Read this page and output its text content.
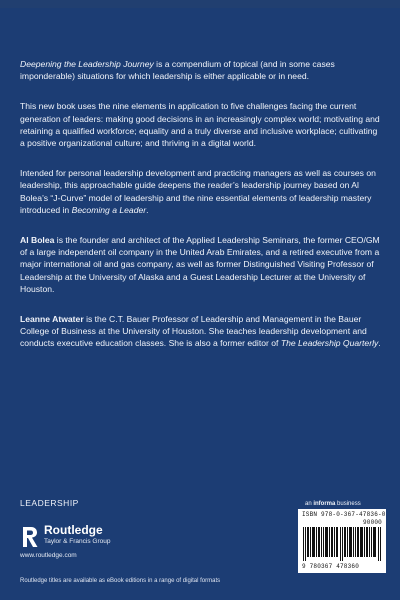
Deepening the Leadership Journey is a compendium of topical (and in some cases imponderable) situations for which leadership is either applicable or in need.

This new book uses the nine elements in application to five challenges facing the current generation of leaders: making good decisions in an increasingly complex world; motivating and retaining a qualified workforce; equality and a truly diverse and inclusive workplace; cultivating a positive organizational culture; and thriving in a digital world.

Intended for personal leadership development and practicing managers as well as courses on leadership, this approachable guide deepens the reader’s leadership journey based on Al Bolea’s “J-Curve” model of leadership and the nine essential elements of leadership mastery introduced in Becoming a Leader.

Al Bolea is the founder and architect of the Applied Leadership Seminars, the former CEO/GM of a large independent oil company in the United Arab Emirates, and a retired executive from a major international oil and gas company, as well as former Distinguished Visiting Professor of Leadership at the University of Alaska and a Guest Leadership Lecturer at the University of Houston.

Leanne Atwater is the C.T. Bauer Professor of Leadership and Management in the Bauer College of Business at the University of Houston. She teaches leadership development and conducts executive education classes. She is also a former editor of The Leadership Quarterly.

LEADERSHIP	an informa business
Routledge
Taylor & Francis Group
www.routledge.com
Routledge titles are available as eBook editions in a range of digital formats
ISBN 978-0-367-47836-0
90000
9 780367 478360
